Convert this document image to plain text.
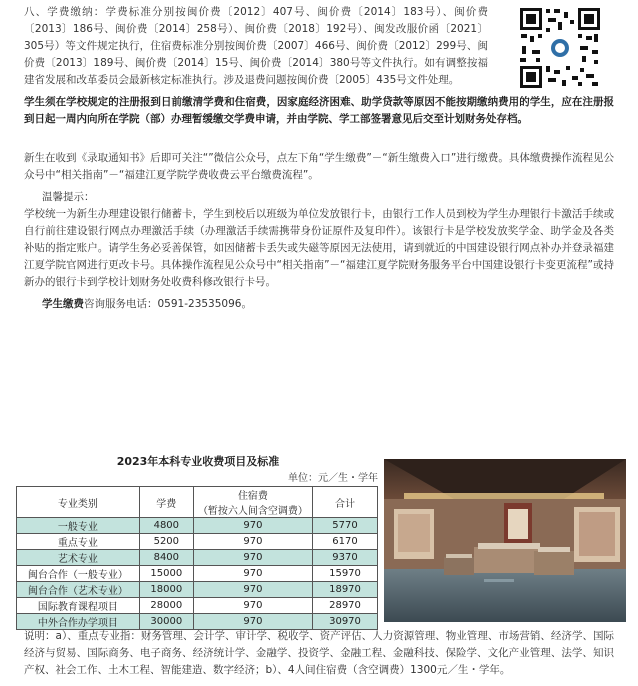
八、学费缴纳：学费标准分别按闽价费〔2012〕407号、闽价费〔2014〕183号）、闽价费〔2013〕186号、闽价费〔2014〕258号）、闽价费〔2018〕192号）、闽发改服价函〔2021〕305号）等文件规定执行，住宿费标准分别按闽价费〔2007〕466号、闽价费〔2012〕299号、闽价费〔2013〕189号、闽价费〔2014〕15号、闽价费〔2014〕380号等文件执行。如有调整按福建省发展和改革委员会最新核定标准执行。涉及退费问题按闽价费〔2005〕435号文件处理。

学生须在学校规定的注册报到日前缴清学费和住宿费，因家庭经济困难、助学贷款等原因不能按期缴纳费用的学生，应在注册报到日起一周内向所在学院（部）办理暂缓缴交学费申请，并由学院、学工部签署意见后交至计划财务处存档。

新生在收到《录取通知书》后即可关注“”微信公众号，点左下角“学生缴费”－“新生缴费入口”进行缴费。具体缴费操作流程见公众号中“相关指南”－“福建江夏学院学费收费云平台缴费流程”。

温馨提示：

学校统一为新生办理建设银行储蓄卡，学生到校后以班级为单位发放银行卡，由银行工作人员到校为学生办理银行卡激活手续或自行前往建设银行网点办理激活手续（办理激活手续需携带身份证原件及复印件）。该银行卡是学校发放奖学金、助学金及各类补贴的指定账户。请学生务必妥善保管，如因储蓄卡丢失或失磁等原因无法使用，请到就近的中国建设银行网点补办并登录福建江夏学院官网进行更改卡号。具体操作流程见公众号中“相关指南”－“福建江夏学院财务服务平台中国建设银行卡变更流程”或持新办的银行卡到学校计划财务处收费科修改银行卡号。

学生缴费咨询服务电话：0591-23535096。

2023年本科专业收费项目及标准
单位：元／生・学年
专业类别	学费	住宿费
（暂按六人间含空调费）	合计
一般专业	4800	970	5770
重点专业	5200	970	6170
艺术专业	8400	970	9370
闽台合作（一般专业）	15000	970	15970
闽台合作（艺术专业）	18000	970	18970
国际教育课程项目	28000	970	28970
中外合作办学项目	30000	970	30970

说明：a）、重点专业指：财务管理、会计学、审计学、税收学、资产评估、人力资源管理、物业管理、市场营销、经济学、国际经济与贸易、国际商务、电子商务、经济统计学、金融学、投资学、金融工程、金融科技、保险学、文化产业管理、法学、知识产权、社会工作、土木工程、智能建造、数字经济；b）、4人间住宿费（含空调费）1300元／生・学年。
